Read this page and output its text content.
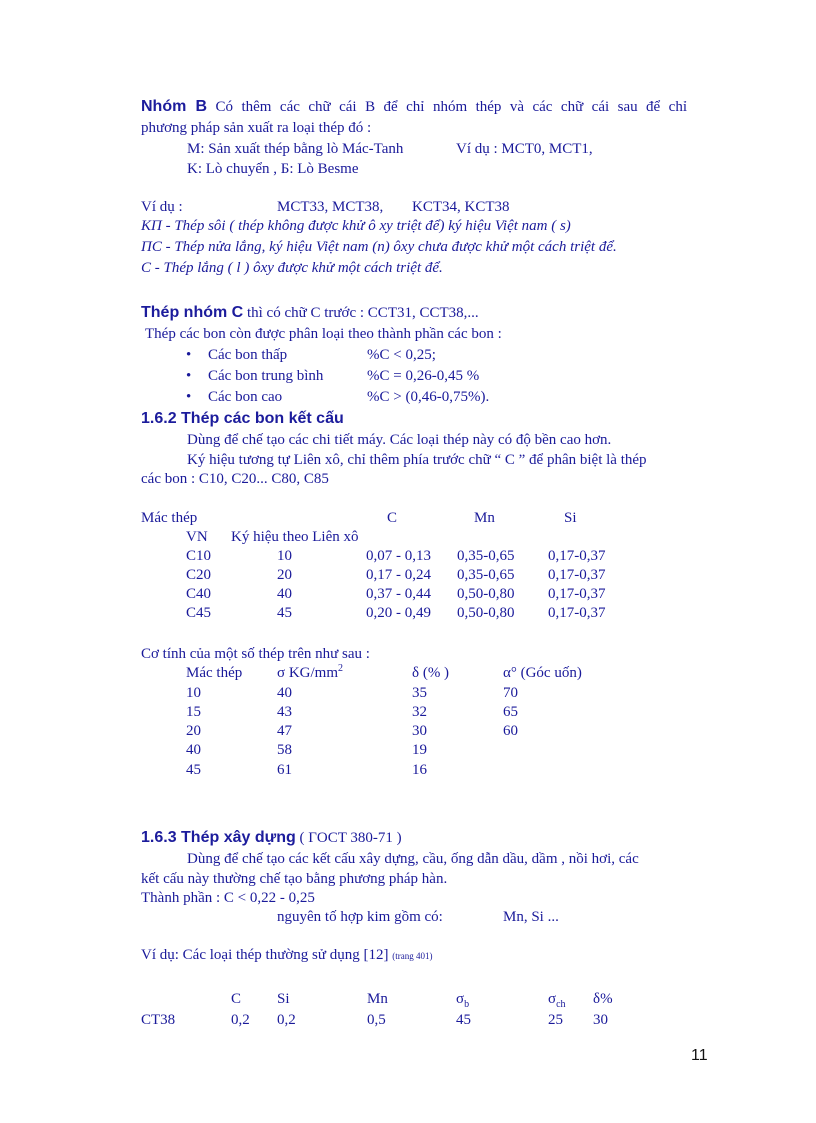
Nhóm B Có thêm các chữ cái B để chỉ nhóm thép và các chữ cái sau để chỉ
phương pháp sản xuất ra loại thép đó :
M: Sản xuất thép bằng lò Mác-Tanh	Ví dụ : MCT0, MCT1,
K: Lò chuyển , Б: Lò Besme
Ví dụ :	MCT33, MCT38, KCT34, KCT38
KП - Thép sôi ( thép không được khử ô xy triệt để) ký hiệu Việt nam ( s)
ПC - Thép nửa lắng, ký hiệu Việt nam (n) ôxy chưa được khử một cách triệt để.
C - Thép lắng ( l ) ôxy được khử một cách triệt để.
Thép nhóm C thì có chữ C trước : CCT31, CCT38,...
Thép các bon còn được phân loại theo thành phần các bon :
• Các bon thấp	%C < 0,25;
• Các bon trung bình	%C = 0,26-0,45 %
• Các bon cao	%C > (0,46-0,75%).
1.6.2 Thép các bon kết cấu
Dùng để chế tạo các chi tiết máy. Các loại thép này có độ bền cao hơn.
Ký hiệu tương tự Liên xô, chỉ thêm phía trước chữ “ C ” để phân biệt là thép
các bon : C10, C20... C80, C85
Mác thép	C	Mn	Si
VN Ký hiệu theo Liên xô
C10	10	0,07 - 0,13 0,35-0,65 0,17-0,37
C20	20	0,17 - 0,24 0,35-0,65 0,17-0,37
C40	40	0,37 - 0,44 0,50-0,80 0,17-0,37
C45	45	0,20 - 0,49 0,50-0,80 0,17-0,37
Cơ tính của một số thép trên như sau :
Mác thép σ $KG/mm^2$	δ (% )	α° (Góc uốn)
10	40	35	70
15	43	32	65
20	47	30	60
40	58	19
45	61	16
1.6.3 Thép xây dựng ( ГOCT 380-71 )
Dùng để chế tạo các kết cấu xây dựng, cầu, ống dẫn dầu, dầm , nồi hơi, các
kết cấu này thường chế tạo bằng phương pháp hàn.
Thành phần : C < 0,22 - 0,25
nguyên tố hợp kim gồm có:	Mn, Si ...
Ví dụ: Các loại thép thường sử dụng [12] (trang 401)
C Si	Mn	$\sigma_b$	$\sigma_{ch}$ δ%
CT38	0,2 0,2	0,5	45	25 30
11
